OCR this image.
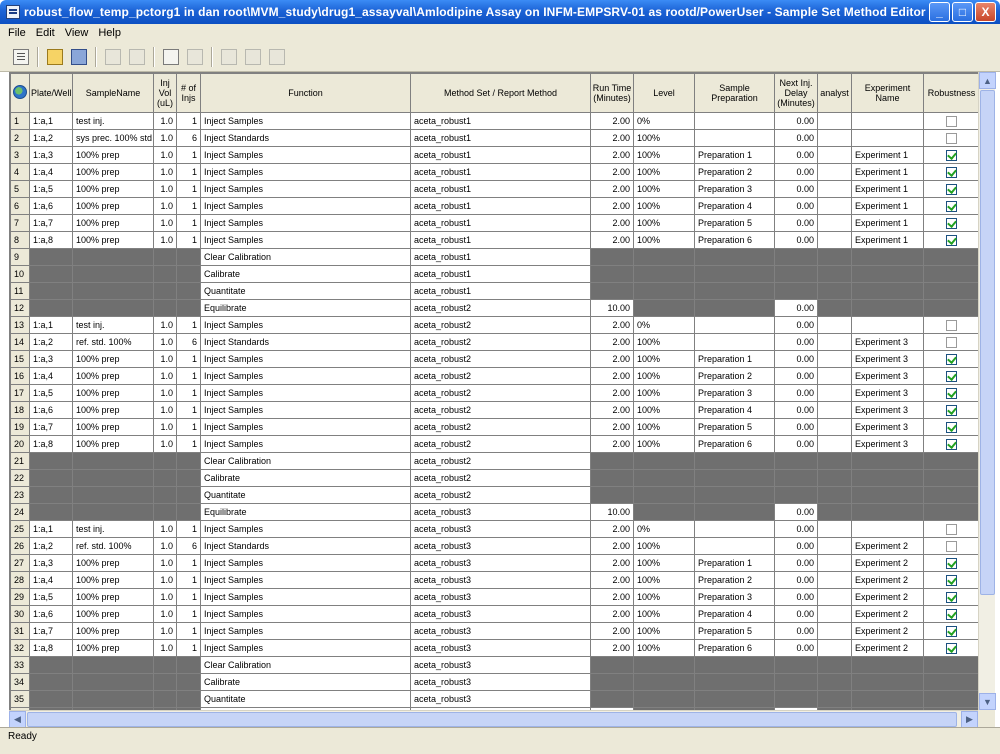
robust_flow_temp_pctorg1 in dan root\MVM_study\drug1_assayval\Amlodipine Assay on INFM-EMPSRV-01 as rootd/PowerUser - Sample Set Method Editor _	□	X
File Edit View Help
	Plate/Well	SampleName	Inj Vol (uL)	# of Injs	Function	Method Set / Report Method	Run Time (Minutes)	Level	Sample Preparation	Next Inj. Delay (Minutes)	analyst	Experiment Name	Robustness
1	1:a,1	test inj.	1.0	1	Inject Samples	aceta_robust1	2.00	0%		0.00			
2	1:a,2	sys prec. 100% std	1.0	6	Inject Standards	aceta_robust1	2.00	100%		0.00			
3	1:a,3	100% prep	1.0	1	Inject Samples	aceta_robust1	2.00	100%	Preparation 1	0.00		Experiment 1	
4	1:a,4	100% prep	1.0	1	Inject Samples	aceta_robust1	2.00	100%	Preparation 2	0.00		Experiment 1	
5	1:a,5	100% prep	1.0	1	Inject Samples	aceta_robust1	2.00	100%	Preparation 3	0.00		Experiment 1	
6	1:a,6	100% prep	1.0	1	Inject Samples	aceta_robust1	2.00	100%	Preparation 4	0.00		Experiment 1	
7	1:a,7	100% prep	1.0	1	Inject Samples	aceta_robust1	2.00	100%	Preparation 5	0.00		Experiment 1	
8	1:a,8	100% prep	1.0	1	Inject Samples	aceta_robust1	2.00	100%	Preparation 6	0.00		Experiment 1	
9					Clear Calibration	aceta_robust1							
10					Calibrate	aceta_robust1							
11					Quantitate	aceta_robust1							
12					Equilibrate	aceta_robust2	10.00			0.00			
13	1:a,1	test inj.	1.0	1	Inject Samples	aceta_robust2	2.00	0%		0.00			
14	1:a,2	ref. std. 100%	1.0	6	Inject Standards	aceta_robust2	2.00	100%		0.00		Experiment 3	
15	1:a,3	100% prep	1.0	1	Inject Samples	aceta_robust2	2.00	100%	Preparation 1	0.00		Experiment 3	
16	1:a,4	100% prep	1.0	1	Inject Samples	aceta_robust2	2.00	100%	Preparation 2	0.00		Experiment 3	
17	1:a,5	100% prep	1.0	1	Inject Samples	aceta_robust2	2.00	100%	Preparation 3	0.00		Experiment 3	
18	1:a,6	100% prep	1.0	1	Inject Samples	aceta_robust2	2.00	100%	Preparation 4	0.00		Experiment 3	
19	1:a,7	100% prep	1.0	1	Inject Samples	aceta_robust2	2.00	100%	Preparation 5	0.00		Experiment 3	
20	1:a,8	100% prep	1.0	1	Inject Samples	aceta_robust2	2.00	100%	Preparation 6	0.00		Experiment 3	
21					Clear Calibration	aceta_robust2							
22					Calibrate	aceta_robust2							
23					Quantitate	aceta_robust2							
24					Equilibrate	aceta_robust3	10.00			0.00			
25	1:a,1	test inj.	1.0	1	Inject Samples	aceta_robust3	2.00	0%		0.00			
26	1:a,2	ref. std. 100%	1.0	6	Inject Standards	aceta_robust3	2.00	100%		0.00		Experiment 2	
27	1:a,3	100% prep	1.0	1	Inject Samples	aceta_robust3	2.00	100%	Preparation 1	0.00		Experiment 2	
28	1:a,4	100% prep	1.0	1	Inject Samples	aceta_robust3	2.00	100%	Preparation 2	0.00		Experiment 2	
29	1:a,5	100% prep	1.0	1	Inject Samples	aceta_robust3	2.00	100%	Preparation 3	0.00		Experiment 2	
30	1:a,6	100% prep	1.0	1	Inject Samples	aceta_robust3	2.00	100%	Preparation 4	0.00		Experiment 2	
31	1:a,7	100% prep	1.0	1	Inject Samples	aceta_robust3	2.00	100%	Preparation 5	0.00		Experiment 2	
32	1:a,8	100% prep	1.0	1	Inject Samples	aceta_robust3	2.00	100%	Preparation 6	0.00		Experiment 2	
33					Clear Calibration	aceta_robust3							
34					Calibrate	aceta_robust3							
35					Quantitate	aceta_robust3							

▲
▼
◀	▶
Ready
